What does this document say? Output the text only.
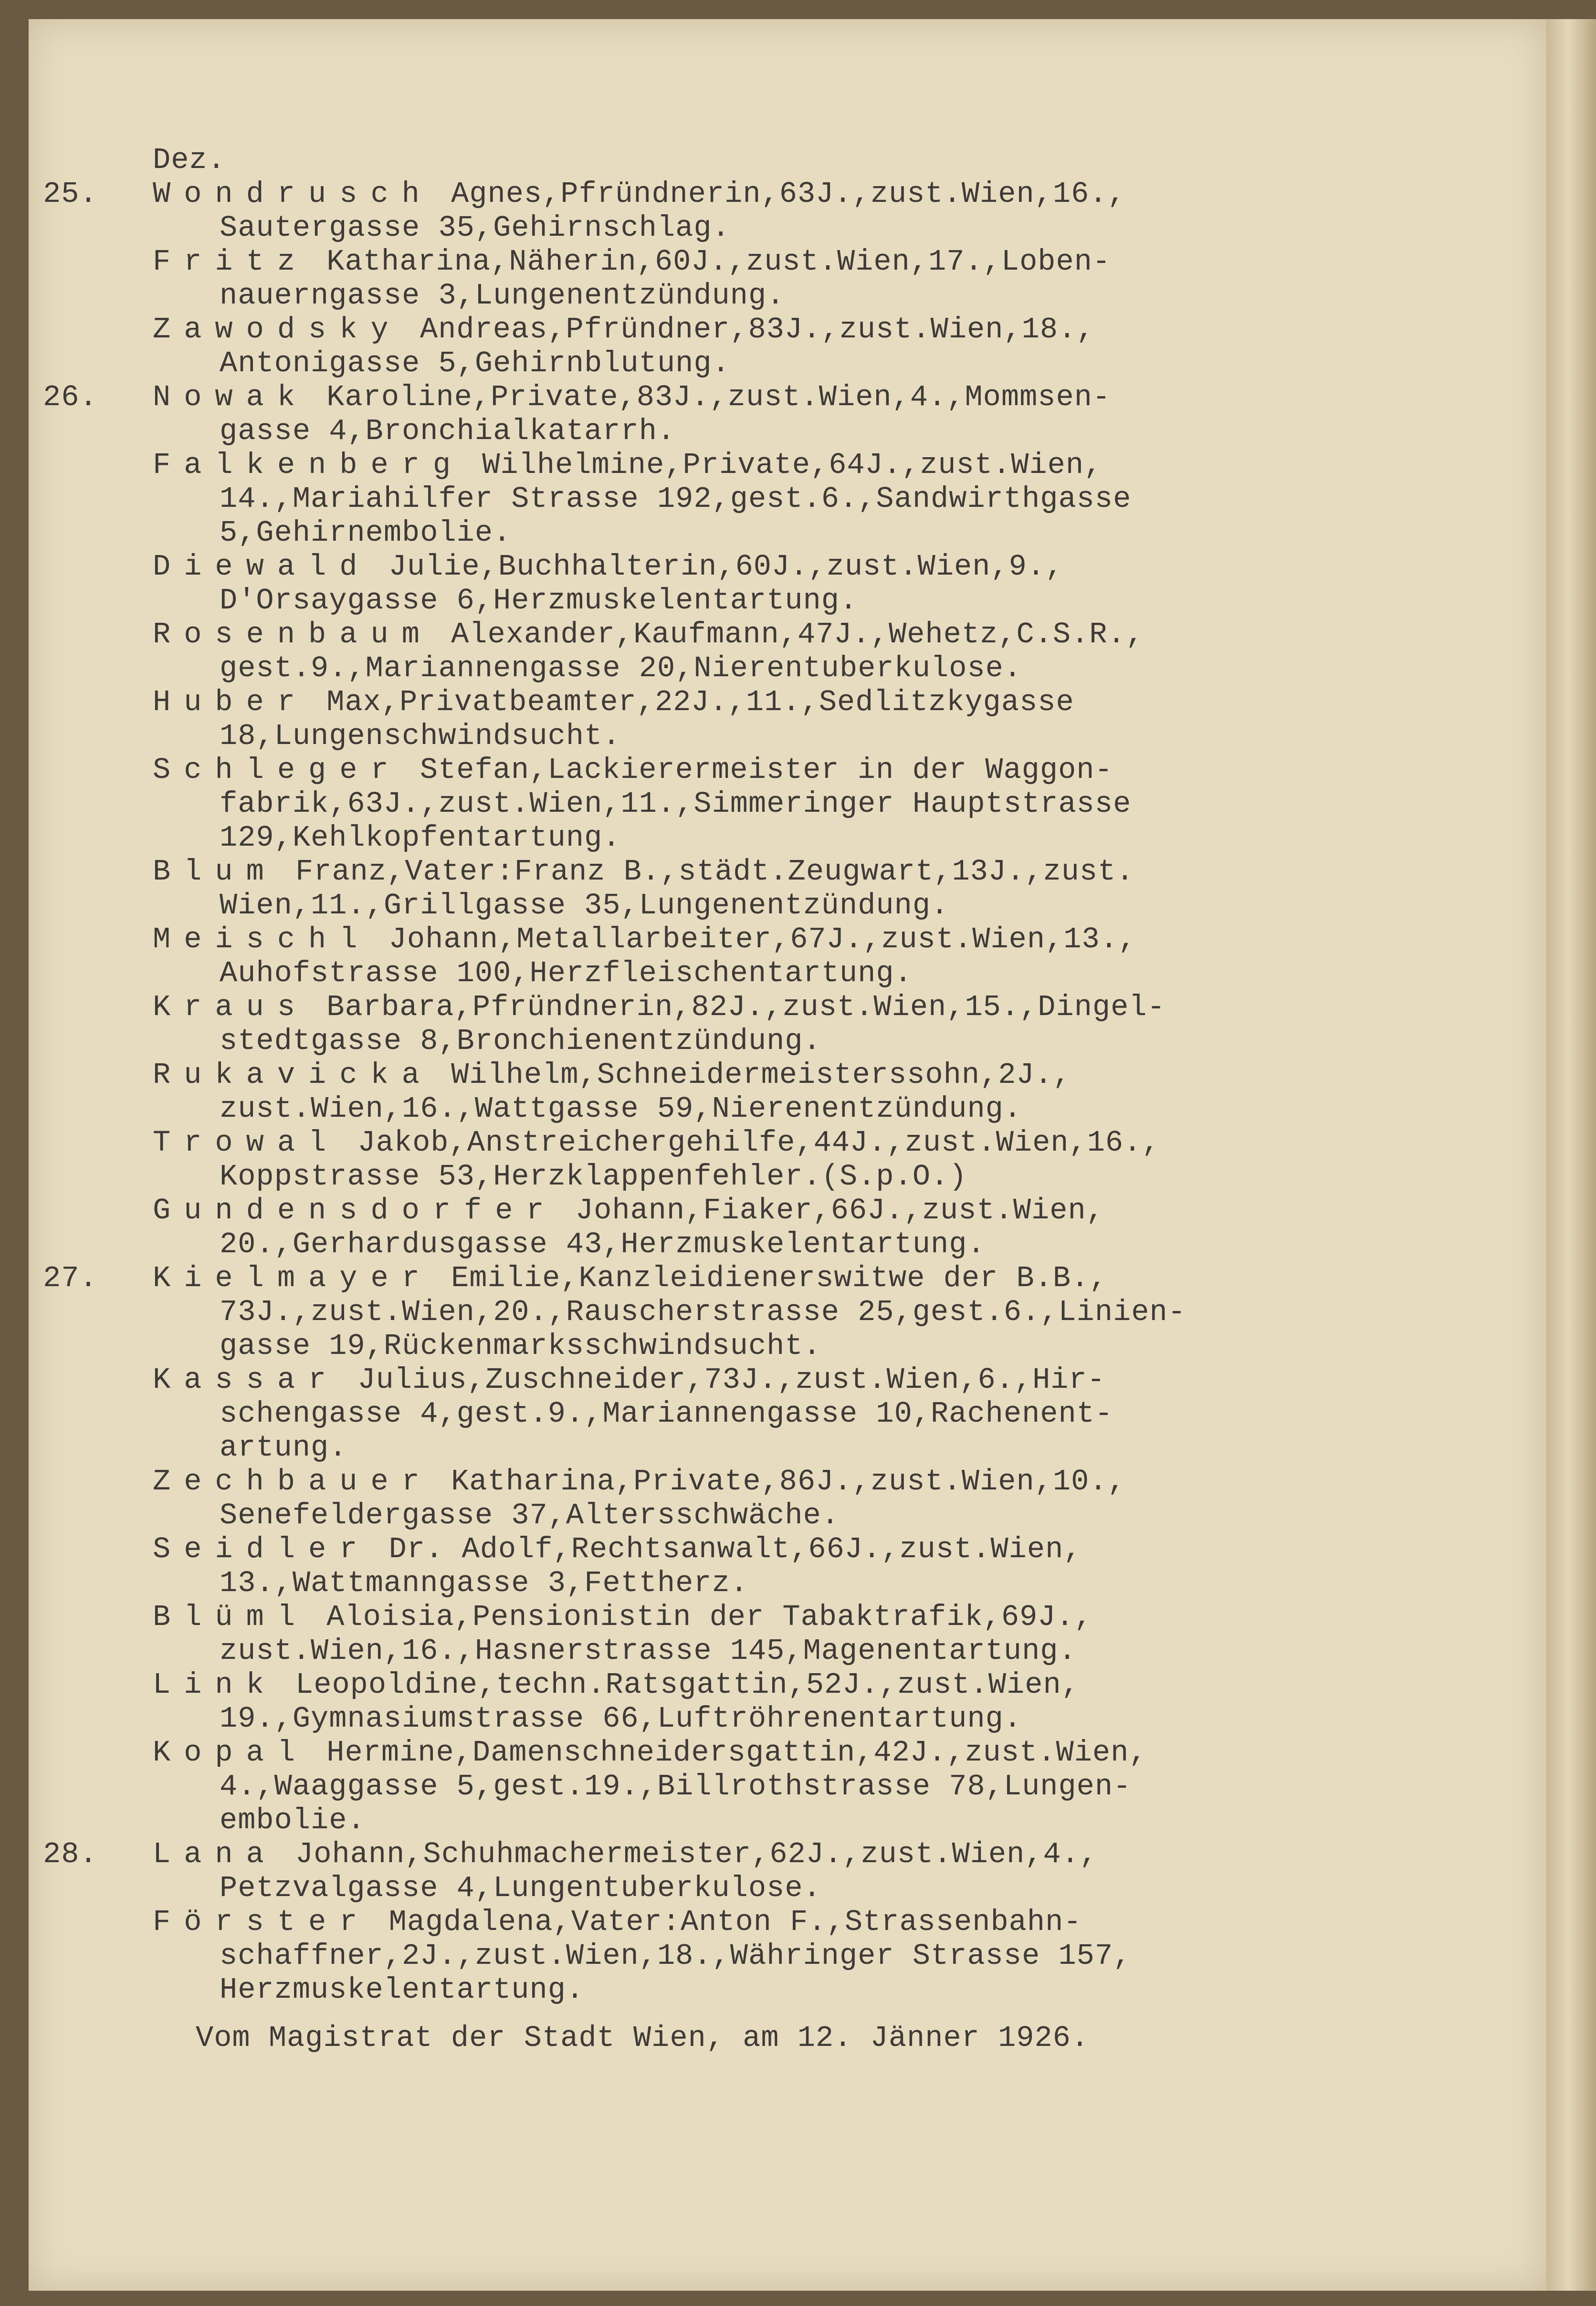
Dez.
25. Wondrusch Agnes,Pfründnerin,63J.,zust.Wien,16.,
Sautergasse 35,Gehirnschlag.
Fritz Katharina,Näherin,60J.,zust.Wien,17.,Loben-
nauerngasse 3,Lungenentzündung.
Zawodsky Andreas,Pfründner,83J.,zust.Wien,18.,
Antonigasse 5,Gehirnblutung.
26. Nowak Karoline,Private,83J.,zust.Wien,4.,Mommsen-
gasse 4,Bronchialkatarrh.
Falkenberg Wilhelmine,Private,64J.,zust.Wien,
14.,Mariahilfer Strasse 192,gest.6.,Sandwirthgasse
5,Gehirnembolie.
Diewald Julie,Buchhalterin,60J.,zust.Wien,9.,
D'Orsaygasse 6,Herzmuskelentartung.
Rosenbaum Alexander,Kaufmann,47J.,Wehetz,C.S.R.,
gest.9.,Mariannengasse 20,Nierentuberkulose.
Huber Max,Privatbeamter,22J.,11.,Sedlitzkygasse
18,Lungenschwindsucht.
Schleger Stefan,Lackierermeister in der Waggon-
fabrik,63J.,zust.Wien,11.,Simmeringer Hauptstrasse
129,Kehlkopfentartung.
Blum Franz,Vater:Franz B.,städt.Zeugwart,13J.,zust.
Wien,11.,Grillgasse 35,Lungenentzündung.
Meischl Johann,Metallarbeiter,67J.,zust.Wien,13.,
Auhofstrasse 100,Herzfleischentartung.
Kraus Barbara,Pfründnerin,82J.,zust.Wien,15.,Dingel-
stedtgasse 8,Bronchienentzündung.
Rukavicka Wilhelm,Schneidermeisterssohn,2J.,
zust.Wien,16.,Wattgasse 59,Nierenentzündung.
Trowal Jakob,Anstreichergehilfe,44J.,zust.Wien,16.,
Koppstrasse 53,Herzklappenfehler.(S.p.O.)
Gundensdorfer Johann,Fiaker,66J.,zust.Wien,
20.,Gerhardusgasse 43,Herzmuskelentartung.
27. Kielmayer Emilie,Kanzleidienerswitwe der B.B.,
73J.,zust.Wien,20.,Rauscherstrasse 25,gest.6.,Linien-
gasse 19,Rückenmarksschwindsucht.
Kassar Julius,Zuschneider,73J.,zust.Wien,6.,Hir-
schengasse 4,gest.9.,Mariannengasse 10,Rachenent-
artung.
Zechbauer Katharina,Private,86J.,zust.Wien,10.,
Senefeldergasse 37,Altersschwäche.
Seidler Dr. Adolf,Rechtsanwalt,66J.,zust.Wien,
13.,Wattmanngasse 3,Fettherz.
Blüml Aloisia,Pensionistin der Tabaktrafik,69J.,
zust.Wien,16.,Hasnerstrasse 145,Magenentartung.
Link Leopoldine,techn.Ratsgattin,52J.,zust.Wien,
19.,Gymnasiumstrasse 66,Luftröhrenentartung.
Kopal Hermine,Damenschneidersgattin,42J.,zust.Wien,
4.,Waaggasse 5,gest.19.,Billrothstrasse 78,Lungen-
embolie.
28. Lana Johann,Schuhmachermeister,62J.,zust.Wien,4.,
Petzvalgasse 4,Lungentuberkulose.
Förster Magdalena,Vater:Anton F.,Strassenbahn-
schaffner,2J.,zust.Wien,18.,Währinger Strasse 157,
Herzmuskelentartung.
Vom Magistrat der Stadt Wien, am 12. Jänner 1926.
